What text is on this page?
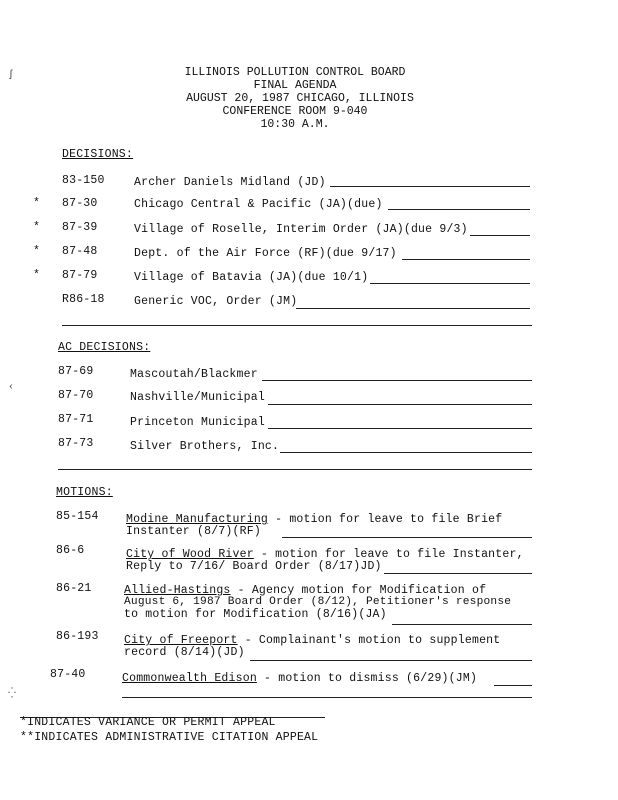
ʃ
‹
⁛
ILLINOIS POLLUTION CONTROL BOARD
FINAL AGENDA
AUGUST 20, 1987 CHICAGO, ILLINOIS
CONFERENCE ROOM 9-040
10:30 A.M.
DECISIONS:
83-150	Archer Daniels Midland (JD)
* 87-30	Chicago Central & Pacific (JA)(due)
* 87-39	Village of Roselle, Interim Order (JA)(due 9/3)
* 87-48	Dept. of the Air Force (RF)(due 9/17)
* 87-79	Village of Batavia (JA)(due 10/1)
R86-18	Generic VOC, Order (JM)
AC DECISIONS:
87-69	Mascoutah/Blackmer
87-70	Nashville/Municipal
87-71	Princeton Municipal
87-73	Silver Brothers, Inc.
MOTIONS:
85-154 Modine Manufacturing - motion for leave to file Brief
Instanter (8/7)(RF)
86-6	City of Wood River - motion for leave to file Instanter,
Reply to 7/16/ Board Order (8/17)JD)
86-21	Allied-Hastings - Agency motion for Modification of
August 6, 1987 Board Order (8/12), Petitioner's response
to motion for Modification (8/16)(JA)
86-193 City of Freeport - Complainant's motion to supplement
record (8/14)(JD)
87-40	Commonwealth Edison - motion to dismiss (6/29)(JM)
*INDICATES VARIANCE OR PERMIT APPEAL
**INDICATES ADMINISTRATIVE CITATION APPEAL
